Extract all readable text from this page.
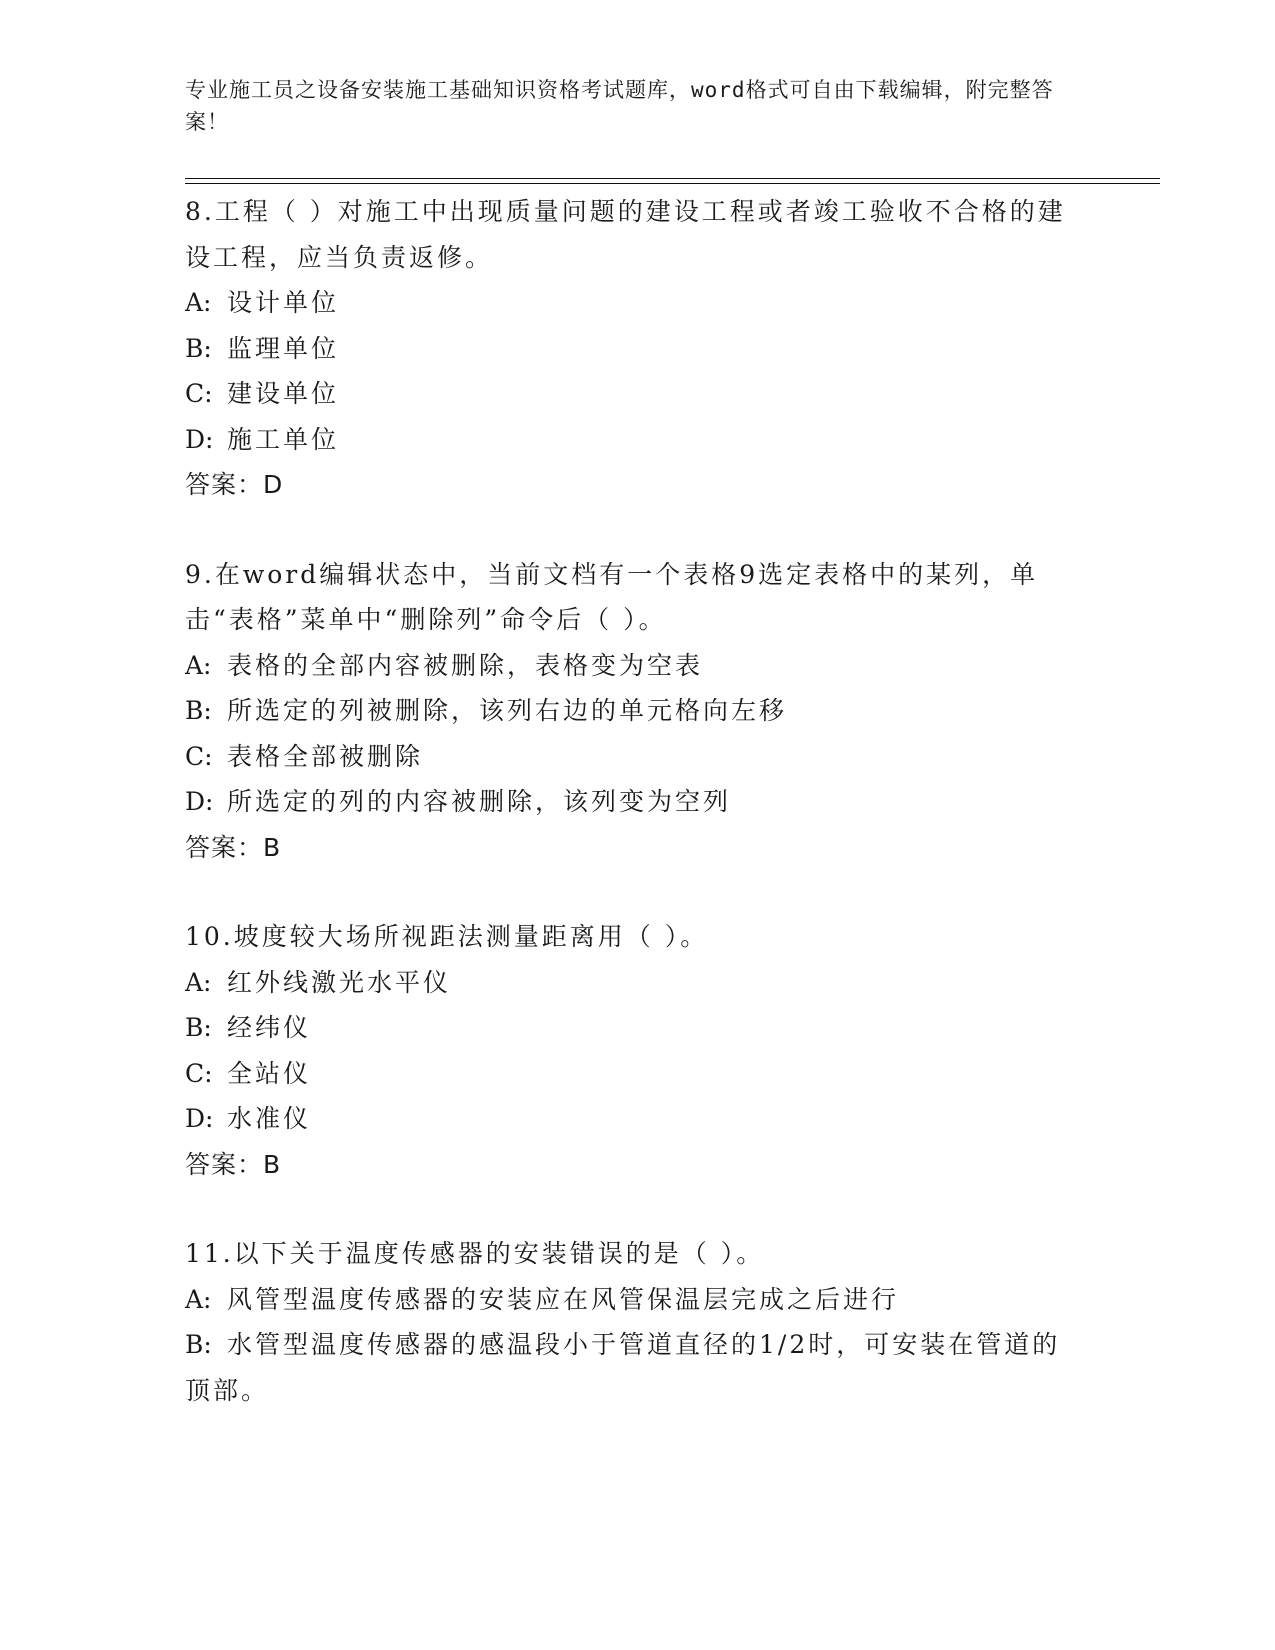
专业施工员之设备安装施工基础知识资格考试题库，word格式可自由下载编辑，附完整答案！

8.工程（ ）对施工中出现质量问题的建设工程或者竣工验收不合格的建设工程，应当负责返修。

A: 设计单位

B: 监理单位

C: 建设单位

D: 施工单位

答案：D

9.在word编辑状态中，当前文档有一个表格9选定表格中的某列，单击“表格”菜单中“删除列”命令后（ ）。

A: 表格的全部内容被删除，表格变为空表

B: 所选定的列被删除，该列右边的单元格向左移

C: 表格全部被删除

D: 所选定的列的内容被删除，该列变为空列

答案：B

10.坡度较大场所视距法测量距离用（ ）。

A: 红外线激光水平仪

B: 经纬仪

C: 全站仪

D: 水准仪

答案：B

11.以下关于温度传感器的安装错误的是（ ）。

A: 风管型温度传感器的安装应在风管保温层完成之后进行

B: 水管型温度传感器的感温段小于管道直径的1/2时，可安装在管道的顶部。
